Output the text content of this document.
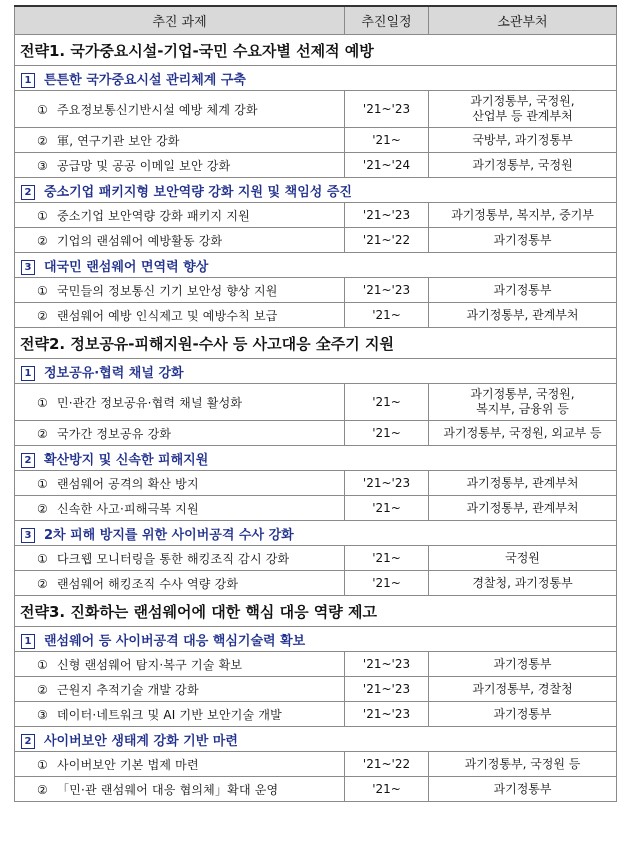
추진 과제	추진일정	소관부처
전략1. 국가중요시설-기업-국민 수요자별 선제적 예방		
1 튼튼한 국가중요시설 관리체계 구축		
① 주요정보통신기반시설 예방 체계 강화	'21~'23	과기정통부, 국정원,
산업부 등 관계부처

② 軍, 연구기관 보안 강화	'21~	국방부, 과기정통부

③ 공급망 및 공공 이메일 보안 강화	'21~'24	과기정통부, 국정원

2 중소기업 패키지형 보안역량 강화 지원 및 책임성 증진		
① 중소기업 보안역량 강화 패키지 지원	'21~'23	과기정통부, 복지부, 중기부

② 기업의 랜섬웨어 예방활동 강화	'21~'22	과기정통부

3 대국민 랜섬웨어 면역력 향상		
① 국민들의 정보통신 기기 보안성 향상 지원	'21~'23	과기정통부

② 랜섬웨어 예방 인식제고 및 예방수칙 보급	'21~	과기정통부, 관계부처

전략2. 정보공유-피해지원-수사 등 사고대응 全주기 지원		
1 정보공유·협력 채널 강화		
① 민·관간 정보공유·협력 채널 활성화	'21~	과기정통부, 국정원,
복지부, 금융위 등

② 국가간 정보공유 강화	'21~	과기정통부, 국정원, 외교부 등

2 확산방지 및 신속한 피해지원		
① 랜섬웨어 공격의 확산 방지	'21~'23	과기정통부, 관계부처

② 신속한 사고·피해극복 지원	'21~	과기정통부, 관계부처

3 2차 피해 방지를 위한 사이버공격 수사 강화		
① 다크웹 모니터링을 통한 해킹조직 감시 강화	'21~	국정원

② 랜섬웨어 해킹조직 수사 역량 강화	'21~	경찰청, 과기정통부

전략3. 진화하는 랜섬웨어에 대한 핵심 대응 역량 제고		
1 랜섬웨어 등 사이버공격 대응 핵심기술력 확보		
① 신형 랜섬웨어 탐지·복구 기술 확보	'21~'23	과기정통부

② 근원지 추적기술 개발 강화	'21~'23	과기정통부, 경찰청

③ 데이터·네트워크 및 AI 기반 보안기술 개발	'21~'23	과기정통부

2 사이버보안 생태계 강화 기반 마련		
① 사이버보안 기본 법제 마련	'21~'22	과기정통부, 국정원 등

② 「민·관 랜섬웨어 대응 협의체」확대 운영	'21~	과기정통부
